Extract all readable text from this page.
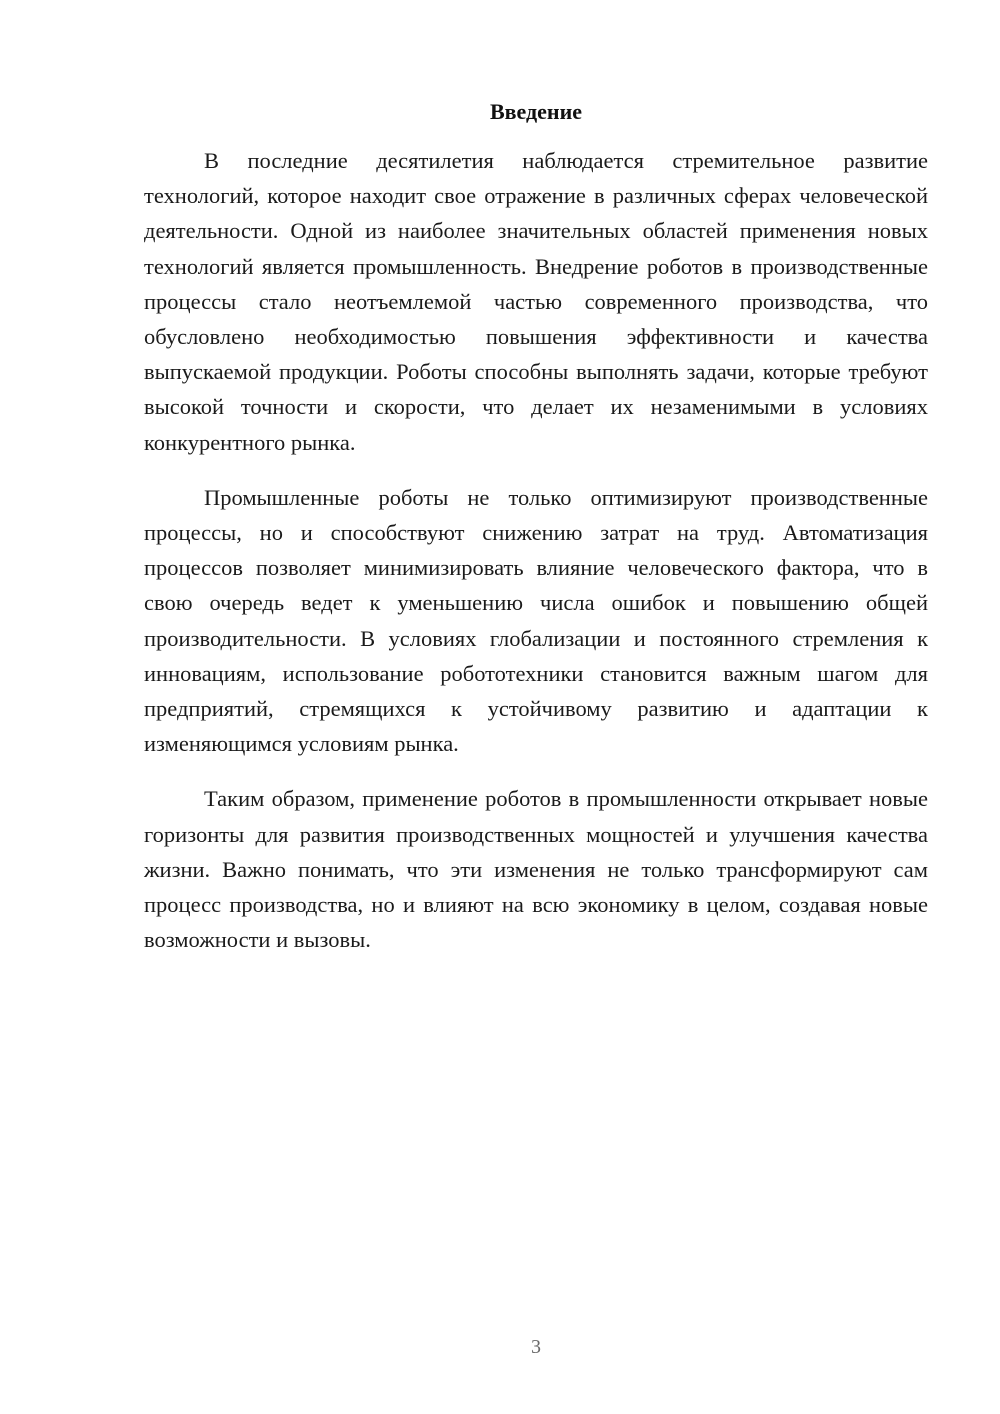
Введение

В последние десятилетия наблюдается стремительное развитие технологий, которое находит свое отражение в различных сферах человеческой деятельности. Одной из наиболее значительных областей применения новых технологий является промышленность. Внедрение роботов в производственные процессы стало неотъемлемой частью современного производства, что обусловлено необходимостью повышения эффективности и качества выпускаемой продукции. Роботы способны выполнять задачи, которые требуют высокой точности и скорости, что делает их незаменимыми в условиях конкурентного рынка.

Промышленные роботы не только оптимизируют производственные процессы, но и способствуют снижению затрат на труд. Автоматизация процессов позволяет минимизировать влияние человеческого фактора, что в свою очередь ведет к уменьшению числа ошибок и повышению общей производительности. В условиях глобализации и постоянного стремления к инновациям, использование робототехники становится важным шагом для предприятий, стремящихся к устойчивому развитию и адаптации к изменяющимся условиям рынка.

Таким образом, применение роботов в промышленности открывает новые горизонты для развития производственных мощностей и улучшения качества жизни. Важно понимать, что эти изменения не только трансформируют сам процесс производства, но и влияют на всю экономику в целом, создавая новые возможности и вызовы.

3
